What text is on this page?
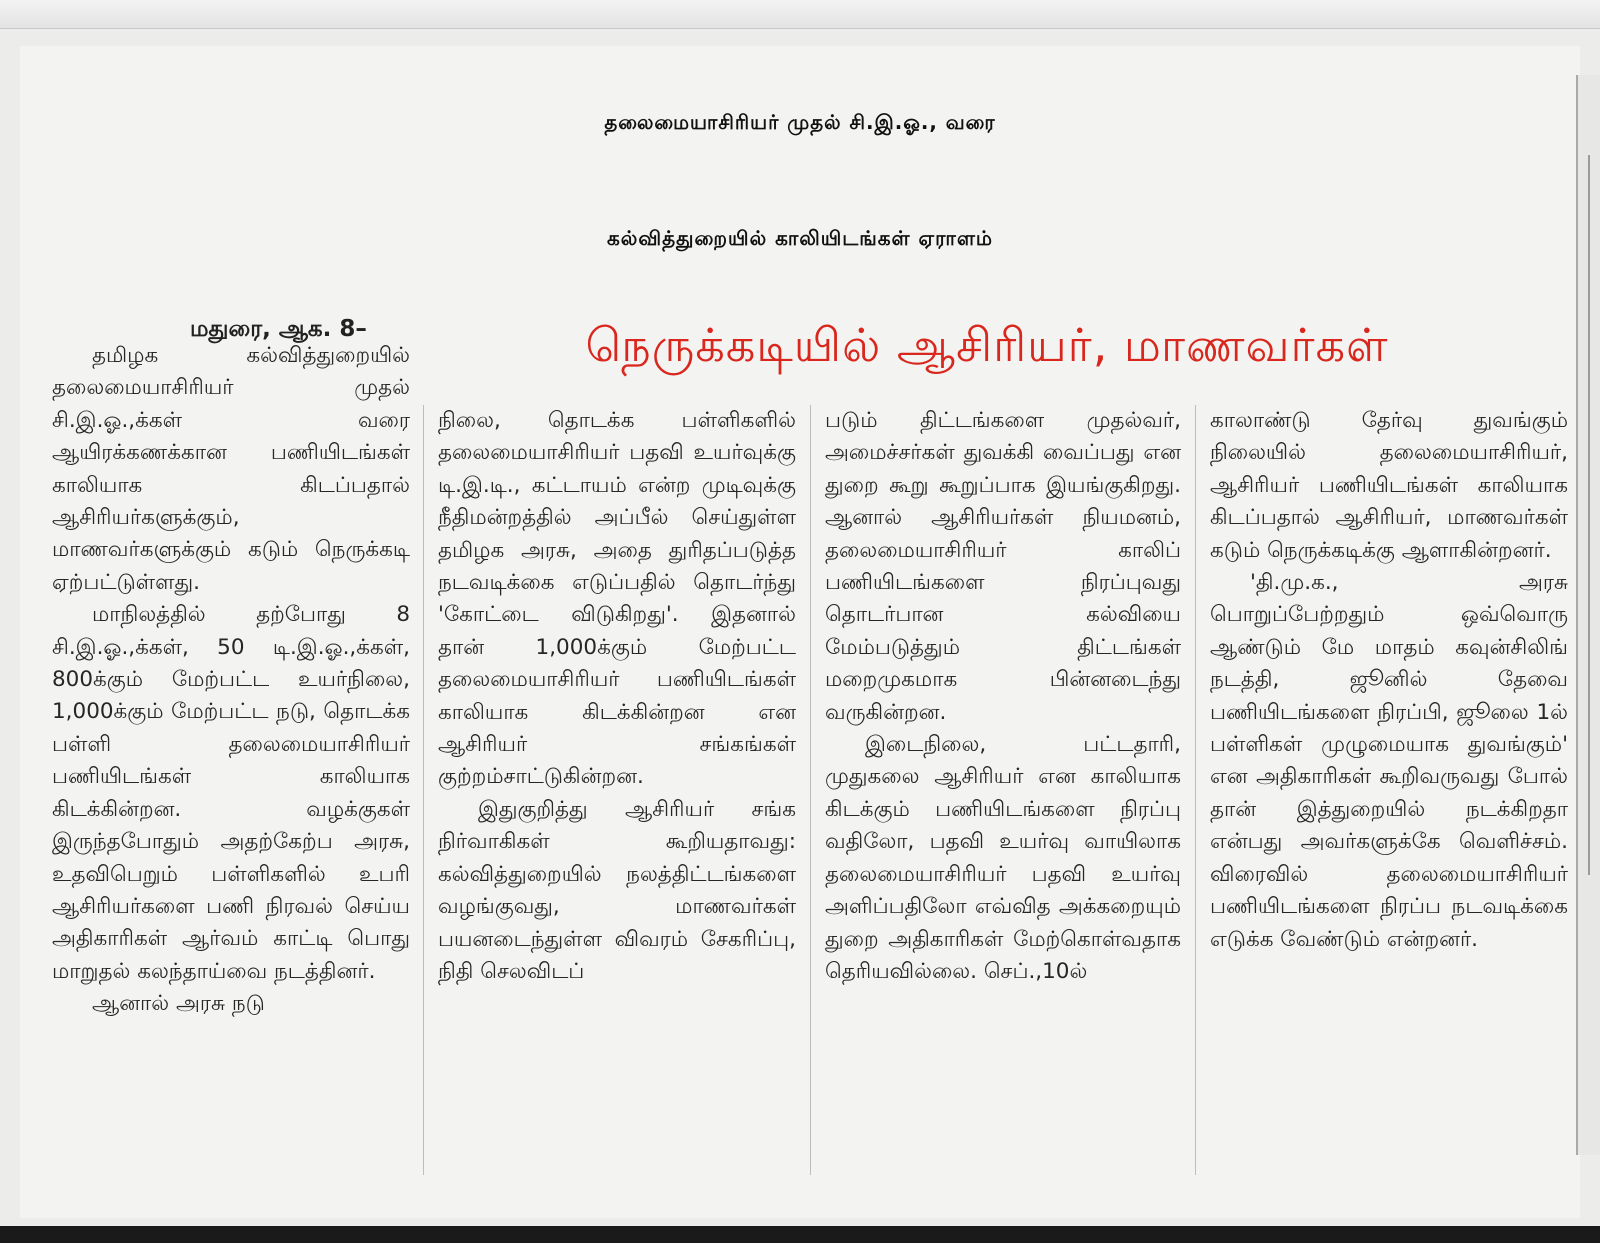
தலைமையாசிரியர் முதல் சி.இ.ஓ., வரை
கல்வித்துறையில் காலியிடங்கள் ஏராளம்
மதுரை, ஆக. 8–	நெருக்கடியில் ஆசிரியர், மாணவர்கள்

தமிழக கல்வித்துறையில் தலைமையாசிரியர் முதல் சி.இ.ஓ.,க்கள் வரை ஆயிரக்கணக்கான பணியிடங்கள் காலியாக கிடப்பதால் ஆசிரியர்களுக்கும், மாணவர்களுக்கும் கடும் நெருக்கடி ஏற்பட்டுள்ளது.

மாநிலத்தில் தற்போது 8 சி.இ.ஓ.,க்கள், 50 டி.இ.ஓ.,க்கள், 800க்கும் மேற்பட்ட உயர்நிலை, 1,000க்கும் மேற்பட்ட நடு, தொடக்க பள்ளி தலைமையாசிரியர் பணியிடங்கள் காலியாக கிடக்கின்றன. வழக்குகள் இருந்தபோதும் அதற்கேற்ப அரசு, உதவிபெறும் பள்ளிகளில் உபரி ஆசிரியர்களை பணி நிரவல் செய்ய அதிகாரிகள் ஆர்வம் காட்டி பொது மாறுதல் கலந்தாய்வை நடத்தினர்.

ஆனால் அரசு நடு

நிலை, தொடக்க பள்ளிகளில் தலைமையாசிரியர் பதவி உயர்வுக்கு டி.இ.டி., கட்டாயம் என்ற முடிவுக்கு நீதிமன்றத்தில் அப்பீல் செய்துள்ள தமிழக அரசு, அதை துரிதப்படுத்த நடவடிக்கை எடுப்பதில் தொடர்ந்து 'கோட்டை விடுகிறது'. இதனால் தான் 1,000க்கும் மேற்பட்ட தலைமையாசிரியர் பணியிடங்கள் காலியாக கிடக்கின்றன என ஆசிரியர் சங்கங்கள் குற்றம்சாட்டுகின்றன.

இதுகுறித்து ஆசிரியர் சங்க நிர்வாகிகள் கூறியதாவது: கல்வித்துறையில் நலத்திட்டங்களை வழங்குவது, மாணவர்கள் பயனடைந்துள்ள விவரம் சேகரிப்பு, நிதி செலவிடப்

படும் திட்டங்களை முதல்வர், அமைச்சர்கள் துவக்கி வைப்பது என துறை கூறு கூறுப்பாக இயங்குகிறது. ஆனால் ஆசிரியர்கள் நியமனம், தலைமையாசிரியர் காலிப் பணியிடங்களை நிரப்புவது தொடர்பான கல்வியை மேம்படுத்தும் திட்டங்கள் மறைமுகமாக பின்னடைந்து வருகின்றன.

இடைநிலை, பட்டதாரி, முதுகலை ஆசிரியர் என காலியாக கிடக்கும் பணியிடங்களை நிரப்பு வதிலோ, பதவி உயர்வு வாயிலாக தலைமையாசிரியர் பதவி உயர்வு அளிப்பதிலோ எவ்வித அக்கறையும் துறை அதிகாரிகள் மேற்கொள்வதாக தெரியவில்லை. செப்.,10ல்

காலாண்டு தேர்வு துவங்கும் நிலையில் தலைமையாசிரியர், ஆசிரியர் பணியிடங்கள் காலியாக கிடப்பதால் ஆசிரியர், மாணவர்கள் கடும் நெருக்கடிக்கு ஆளாகின்றனர்.

'தி.மு.க., அரசு பொறுப்பேற்றதும் ஒவ்வொரு ஆண்டும் மே மாதம் கவுன்சிலிங் நடத்தி, ஜூனில் தேவை பணியிடங்களை நிரப்பி, ஜூலை 1ல் பள்ளிகள் முழுமையாக துவங்கும்' என அதிகாரிகள் கூறிவருவது போல் தான் இத்துறையில் நடக்கிறதா என்பது அவர்களுக்கே வெளிச்சம். விரைவில் தலைமையாசிரியர் பணியிடங்களை நிரப்ப நடவடிக்கை எடுக்க வேண்டும் என்றனர்.
